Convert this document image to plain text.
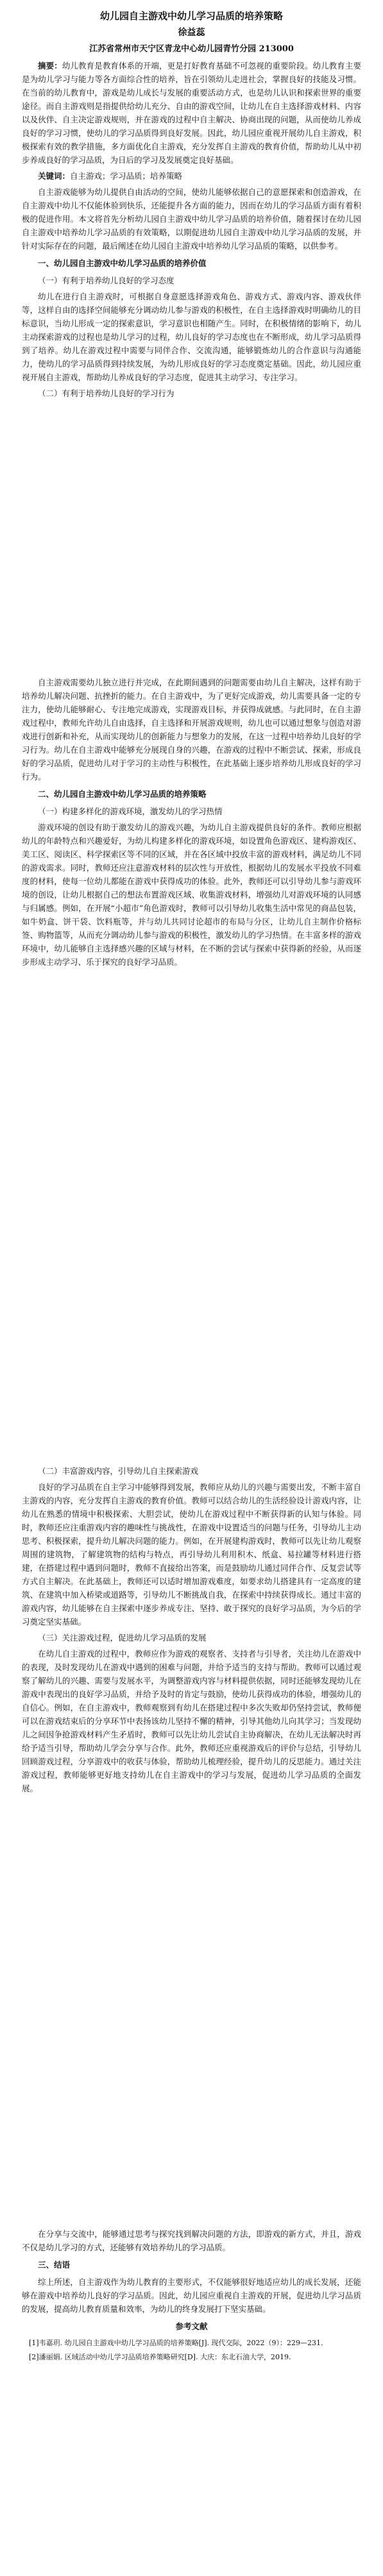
幼儿园自主游戏中幼儿学习品质的培养策略
徐益蕊
江苏省常州市天宁区青龙中心幼儿园青竹分园 213000

摘要：幼儿教育是教育体系的开端，更是打好教育基础不可忽视的重要阶段。幼儿教育主要是为幼儿学习与能力等各方面综合性的培养，旨在引领幼儿走进社会，掌握良好的技能及习惯。在当前的幼儿教育中，游戏是幼儿成长与发展的重要活动方式，也是幼儿认识和探索世界的重要途径。而自主游戏则是指提供给幼儿充分、自由的游戏空间，让幼儿在自主选择游戏材料、内容以及伙伴、自主决定游戏规则，并在游戏的过程中自主解决、协商出现的问题，从而使幼儿养成良好的学习习惯，使幼儿的学习品质得到良好发展。因此，幼儿园应重视开展幼儿自主游戏，积极探索有效的教学措施，多方面优化自主游戏，充分发挥自主游戏的教育价值，帮助幼儿从中初步养成良好的学习品质，为日后的学习及发展奠定良好基础。

关键词：自主游戏；学习品质；培养策略

自主游戏能够为幼儿提供自由活动的空间，使幼儿能够依据自己的意愿探索和创造游戏，在自主游戏中幼儿不仅能体验到快乐，还能提升各方面的能力，因而在幼儿的学习品质方面有着积极的促进作用。本文将首先分析幼儿园自主游戏中幼儿学习品质的培养价值，随着探讨在幼儿园自主游戏中培养幼儿学习品质的有效策略，以期促进幼儿园自主游戏中幼儿学习品质的发展，并针对实际存在的问题，最后阐述在幼儿园自主游戏中培养幼儿学习品质的策略，以供参考。

一、幼儿园自主游戏中幼儿学习品质的培养价值
（一）有利于培养幼儿良好的学习态度

幼儿在进行自主游戏时，可根据自身意愿选择游戏角色、游戏方式、游戏内容、游戏伙伴等，这样自由的选择空间能够充分调动幼儿参与游戏的积极性，在自主选择游戏时明确幼儿的目标意识，当幼儿形成一定的探索意识，学习意识也相随产生。同时，在积极情绪的影响下，幼儿主动探索游戏的过程也是幼儿学习的过程，幼儿良好的学习态度也在不断形成，幼儿学习品质得到了培养。幼儿在游戏过程中需要与同伴合作、交流沟通，能够锻炼幼儿的合作意识与沟通能力，使幼儿的学习品质得到持续发展，为幼儿形成良好的学习态度奠定基础。因此，幼儿园应重视开展自主游戏，帮助幼儿养成良好的学习态度，促进其主动学习、专注学习。

（二）有利于培养幼儿良好的学习行为

自主游戏需要幼儿独立进行并完成，在此期间遇到的问题需要由幼儿自主解决，这样有助于培养幼儿解决问题、抗挫折的能力。在自主游戏中，为了更好完成游戏，幼儿需要具备一定的专注力，使幼儿能够耐心、专注地完成游戏，实现游戏目标，并获得成就感。与此同时，在自主游戏过程中，教师允许幼儿自由选择，自主选择和开展游戏规则，幼儿也可以通过想象与创造对游戏进行创新和补充，从而实现幼儿的创新能力与想象力的发展，在这一过程中培养幼儿良好的学习行为。幼儿在自主游戏中能够充分展现自身的兴趣，在游戏的过程中不断尝试、探索，形成良好的学习品质，促进幼儿对于学习的主动性与积极性，在此基础上逐步培养幼儿形成良好的学习行为。

二、幼儿园自主游戏中幼儿学习品质的培养策略
（一）构建多样化的游戏环境，激发幼儿的学习热情

游戏环境的创设有助于激发幼儿的游戏兴趣，为幼儿自主游戏提供良好的条件。教师应根据幼儿的年龄特点和兴趣爱好，为幼儿构建多样化的游戏环境，如设置角色游戏区、建构游戏区、美工区、阅读区、科学探索区等不同的区域，并在各区域中投放丰富的游戏材料，满足幼儿不同的游戏需求。同时，教师还应注意游戏材料的层次性与开放性，根据幼儿的发展水平投放不同难度的材料，使每一位幼儿都能在游戏中获得成功的体验。此外，教师还可以引导幼儿参与游戏环境的创设，让幼儿根据自己的想法布置游戏区域、收集游戏材料，增强幼儿对游戏环境的认同感与归属感。例如，在开展“小超市”角色游戏时，教师可以引导幼儿收集生活中常见的商品包装，如牛奶盒、饼干袋、饮料瓶等，并与幼儿共同讨论超市的布局与分区，让幼儿自主制作价格标签、购物篮等，从而充分调动幼儿参与游戏的积极性，激发幼儿的学习热情。在丰富多样的游戏环境中，幼儿能够自主选择感兴趣的区域与材料，在不断的尝试与探索中获得新的经验，从而逐步形成主动学习、乐于探究的良好学习品质。

（二）丰富游戏内容，引导幼儿自主探索游戏

良好的学习品质在自主学习中能够得到发展，教师应从幼儿的兴趣与需要出发，不断丰富自主游戏的内容，充分发挥自主游戏的教育价值。教师可以结合幼儿的生活经验设计游戏内容，让幼儿在熟悉的情境中积极探索、大胆尝试，使幼儿在游戏过程中不断获得新的认知与体验。同时，教师还应注重游戏内容的趣味性与挑战性，在游戏中设置适当的问题与任务，引导幼儿主动思考、积极探索，提升幼儿解决问题的能力。例如，在开展建构游戏时，教师可以先让幼儿观察周围的建筑物，了解建筑物的结构与特点，再引导幼儿利用积木、纸盒、易拉罐等材料进行搭建，在搭建过程中遇到问题时，教师不直接给出答案，而是鼓励幼儿通过同伴合作、反复尝试等方式自主解决。在此基础上，教师还可以适时增加游戏难度，如要求幼儿搭建具有一定高度的建筑、在建筑中加入桥梁或道路等，引导幼儿不断挑战自我，在探索中持续获得成长。通过丰富的游戏内容，幼儿能够在自主探索中逐步养成专注、坚持、敢于探究的良好学习品质，为今后的学习奠定坚实基础。

（三）关注游戏过程，促进幼儿学习品质的发展

在幼儿自主游戏的过程中，教师应作为游戏的观察者、支持者与引导者，关注幼儿在游戏中的表现，及时发现幼儿在游戏中遇到的困难与问题，并给予适当的支持与帮助。教师可以通过观察了解幼儿的兴趣、需要与发展水平，为调整游戏内容与材料提供依据，同时还能够发现幼儿在游戏中表现出的良好学习品质，并给予及时的肯定与鼓励，使幼儿获得成功的体验，增强幼儿的自信心。例如，在自主游戏中，教师观察到有幼儿在搭建过程中多次失败却仍坚持尝试，教师便可以在游戏结束后的分享环节中表扬该幼儿坚持不懈的精神，引导其他幼儿向其学习；当发现幼儿之间因争抢游戏材料产生矛盾时，教师可以先让幼儿尝试自主协商解决，在幼儿无法解决时再给予适当引导，帮助幼儿学会分享与合作。此外，教师还应重视游戏后的评价与总结，引导幼儿回顾游戏过程，分享游戏中的收获与体验，帮助幼儿梳理经验，提升幼儿的反思能力。通过关注游戏过程，教师能够更好地支持幼儿在自主游戏中的学习与发展，促进幼儿学习品质的全面发展。

在分享与交流中，能够通过思考与探究找到解决问题的方法，即游戏的新方式，并且，游戏不仅是幼儿学习的方式，还能够有效培养幼儿的学习品质。

三、结语

综上所述，自主游戏作为幼儿教育的主要形式，不仅能够很好地适应幼儿的成长发展，还能够在游戏中培养幼儿良好的学习品质。因此，幼儿园应重视自主游戏的开展，促进幼儿学习品质的发展，提高幼儿教育质量和效率，为幼儿的终身发展打下坚实基础。

参考文献

[1]韦嘉玥. 幼儿园自主游戏中幼儿学习品质的培养策略[J]. 现代交际，2022（9）：229—231.

[2]潘丽娟. 区域活动中幼儿学习品质培养策略研究[D]. 大庆：东北石油大学，2019.
